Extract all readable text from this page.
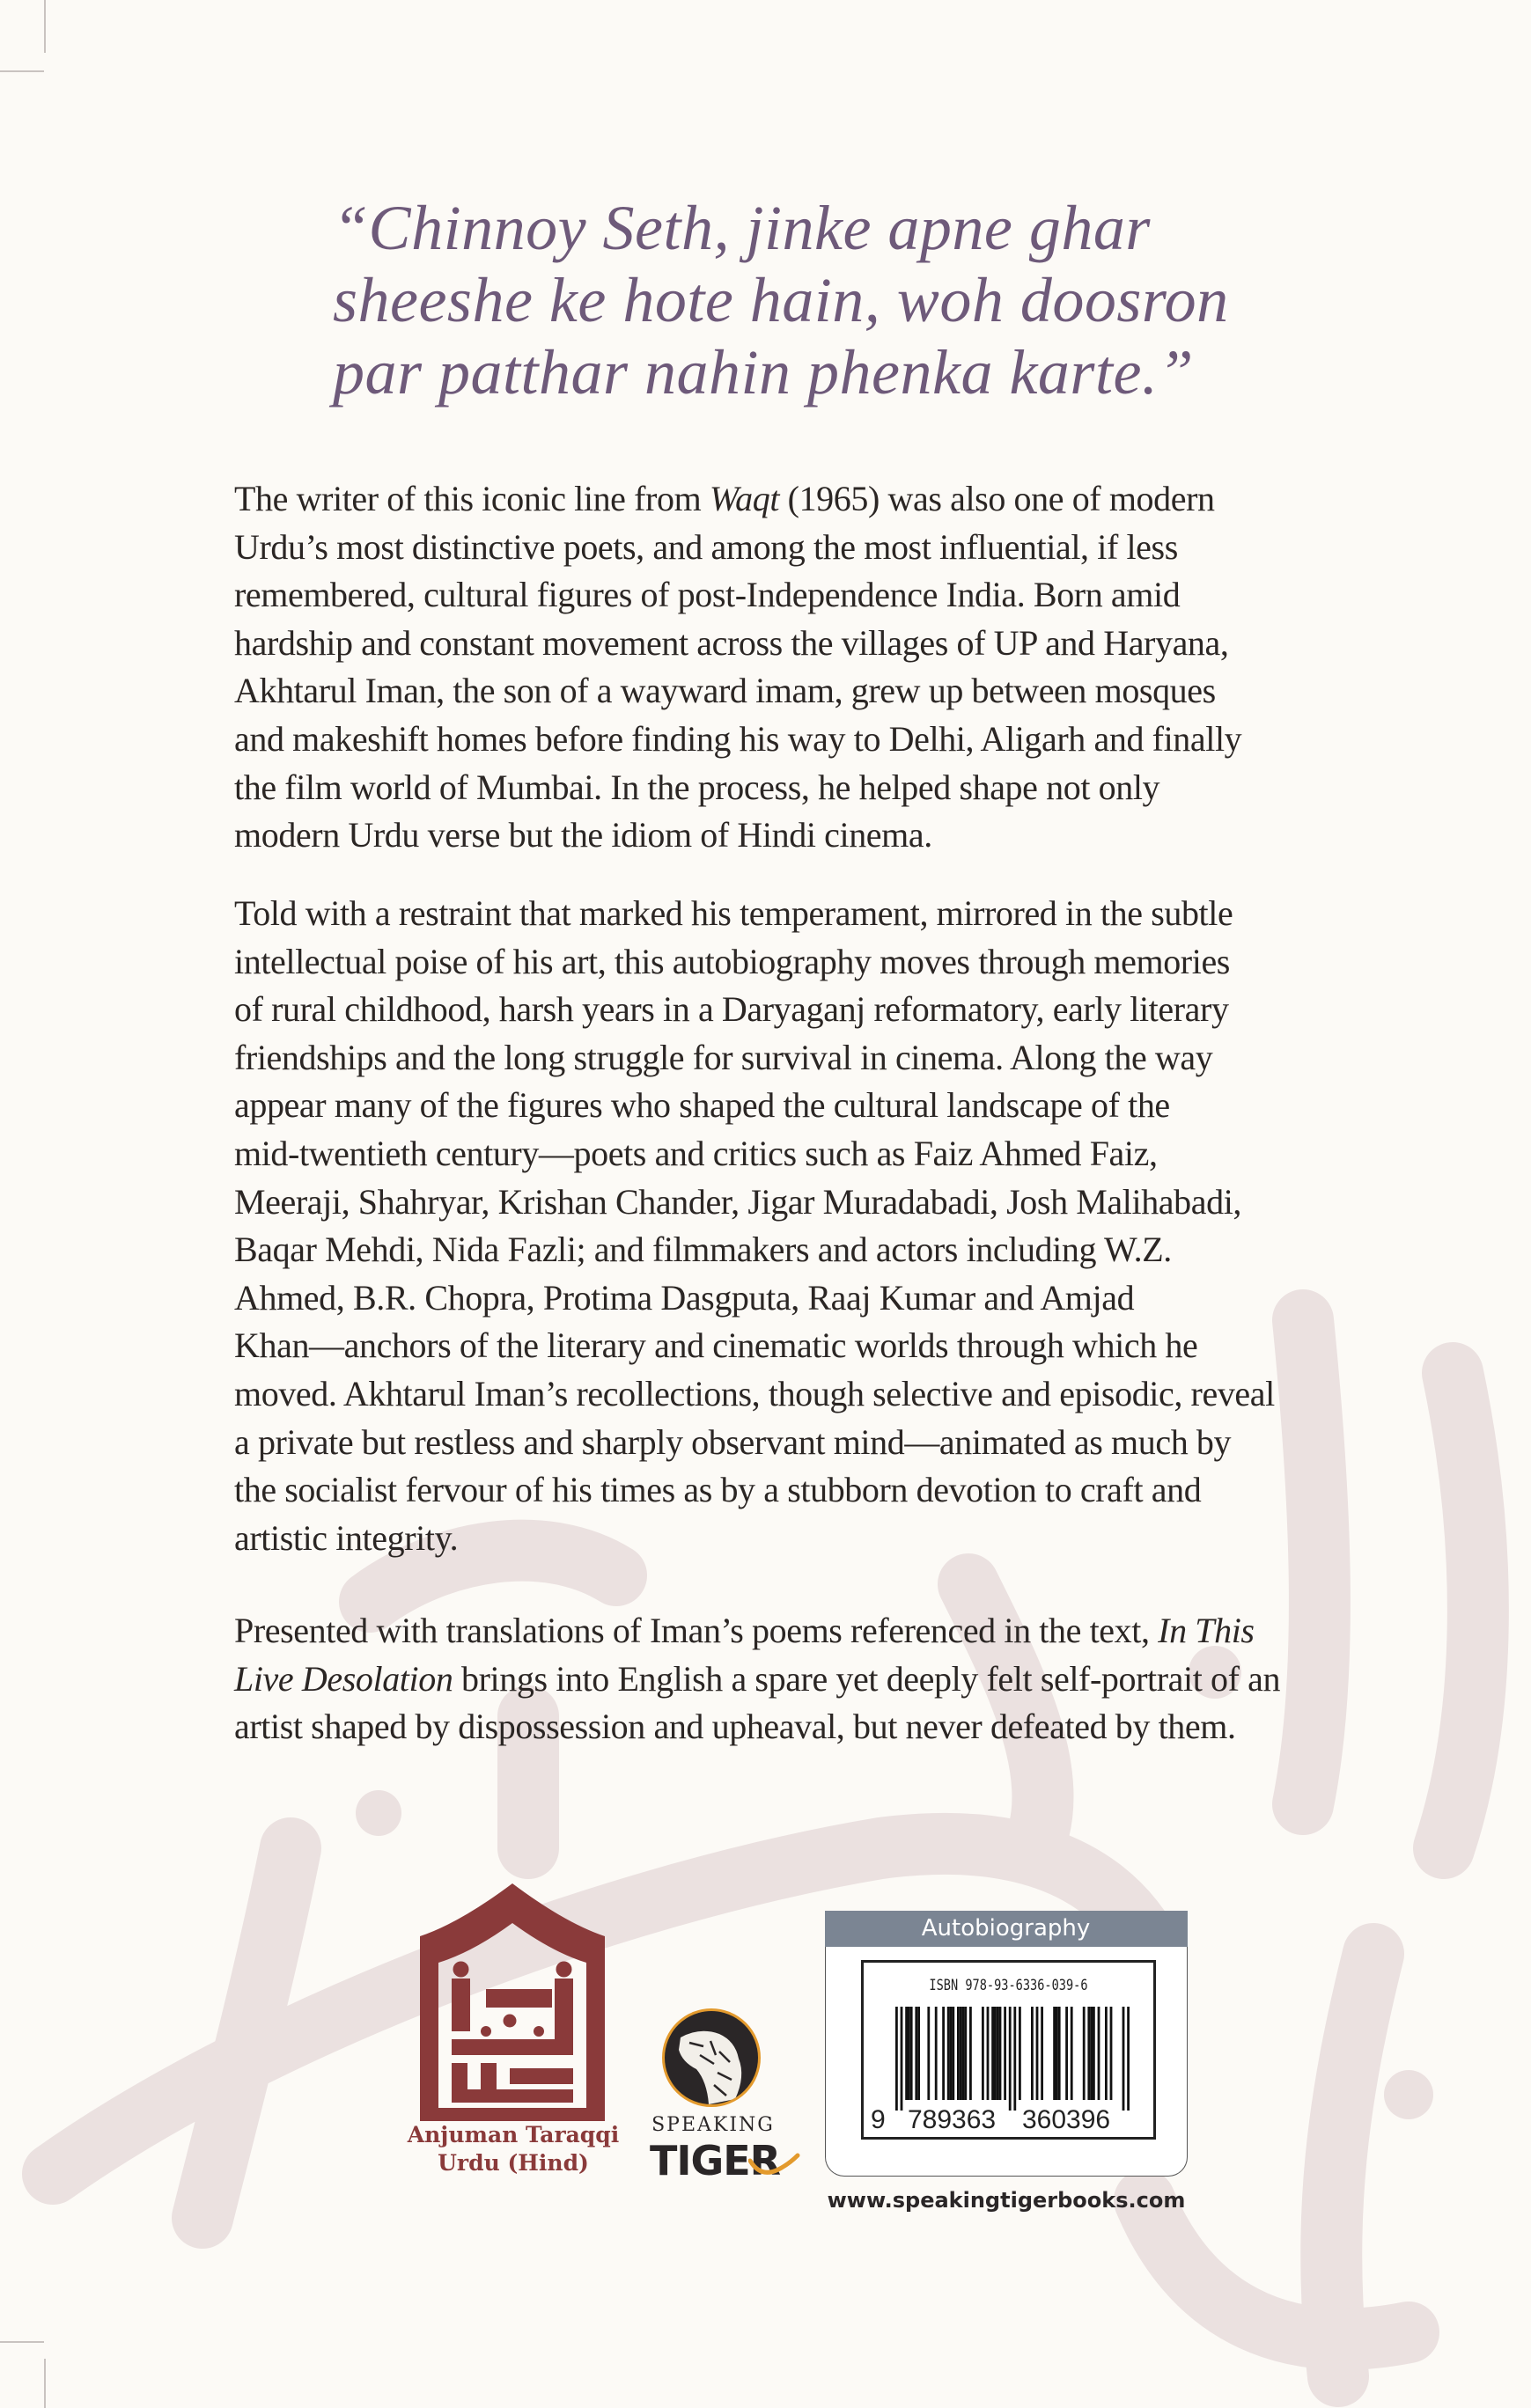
“Chinnoy Seth, jinke apne ghar
sheeshe ke hote hain, woh doosron
par patthar nahin phenka karte.”
The writer of this iconic line from Waqt (1965) was also one of modern
Urdu’s most distinctive poets, and among the most influential, if less
remembered, cultural figures of post-Independence India. Born amid
hardship and constant movement across the villages of UP and Haryana,
Akhtarul Iman, the son of a wayward imam, grew up between mosques
and makeshift homes before finding his way to Delhi, Aligarh and finally
the film world of Mumbai. In the process, he helped shape not only
modern Urdu verse but the idiom of Hindi cinema.
Told with a restraint that marked his temperament, mirrored in the subtle
intellectual poise of his art, this autobiography moves through memories
of rural childhood, harsh years in a Daryaganj reformatory, early literary
friendships and the long struggle for survival in cinema. Along the way
appear many of the figures who shaped the cultural landscape of the
mid-twentieth century—poets and critics such as Faiz Ahmed Faiz,
Meeraji, Shahryar, Krishan Chander, Jigar Muradabadi, Josh Malihabadi,
Baqar Mehdi, Nida Fazli; and filmmakers and actors including W.Z.
Ahmed, B.R. Chopra, Protima Dasgputa, Raaj Kumar and Amjad
Khan—anchors of the literary and cinematic worlds through which he
moved. Akhtarul Iman’s recollections, though selective and episodic, reveal
a private but restless and sharply observant mind—animated as much by
the socialist fervour of his times as by a stubborn devotion to craft and
artistic integrity.
Presented with translations of Iman’s poems referenced in the text, In This
Live Desolation brings into English a spare yet deeply felt self-portrait of an
artist shaped by dispossession and upheaval, but never defeated by them.
Anjuman Taraqqi
Urdu (Hind)
SPEAKING
TIGER
Autobiography
ISBN 978-93-6336-039-6
9 789363 360396
www.speakingtigerbooks.com
